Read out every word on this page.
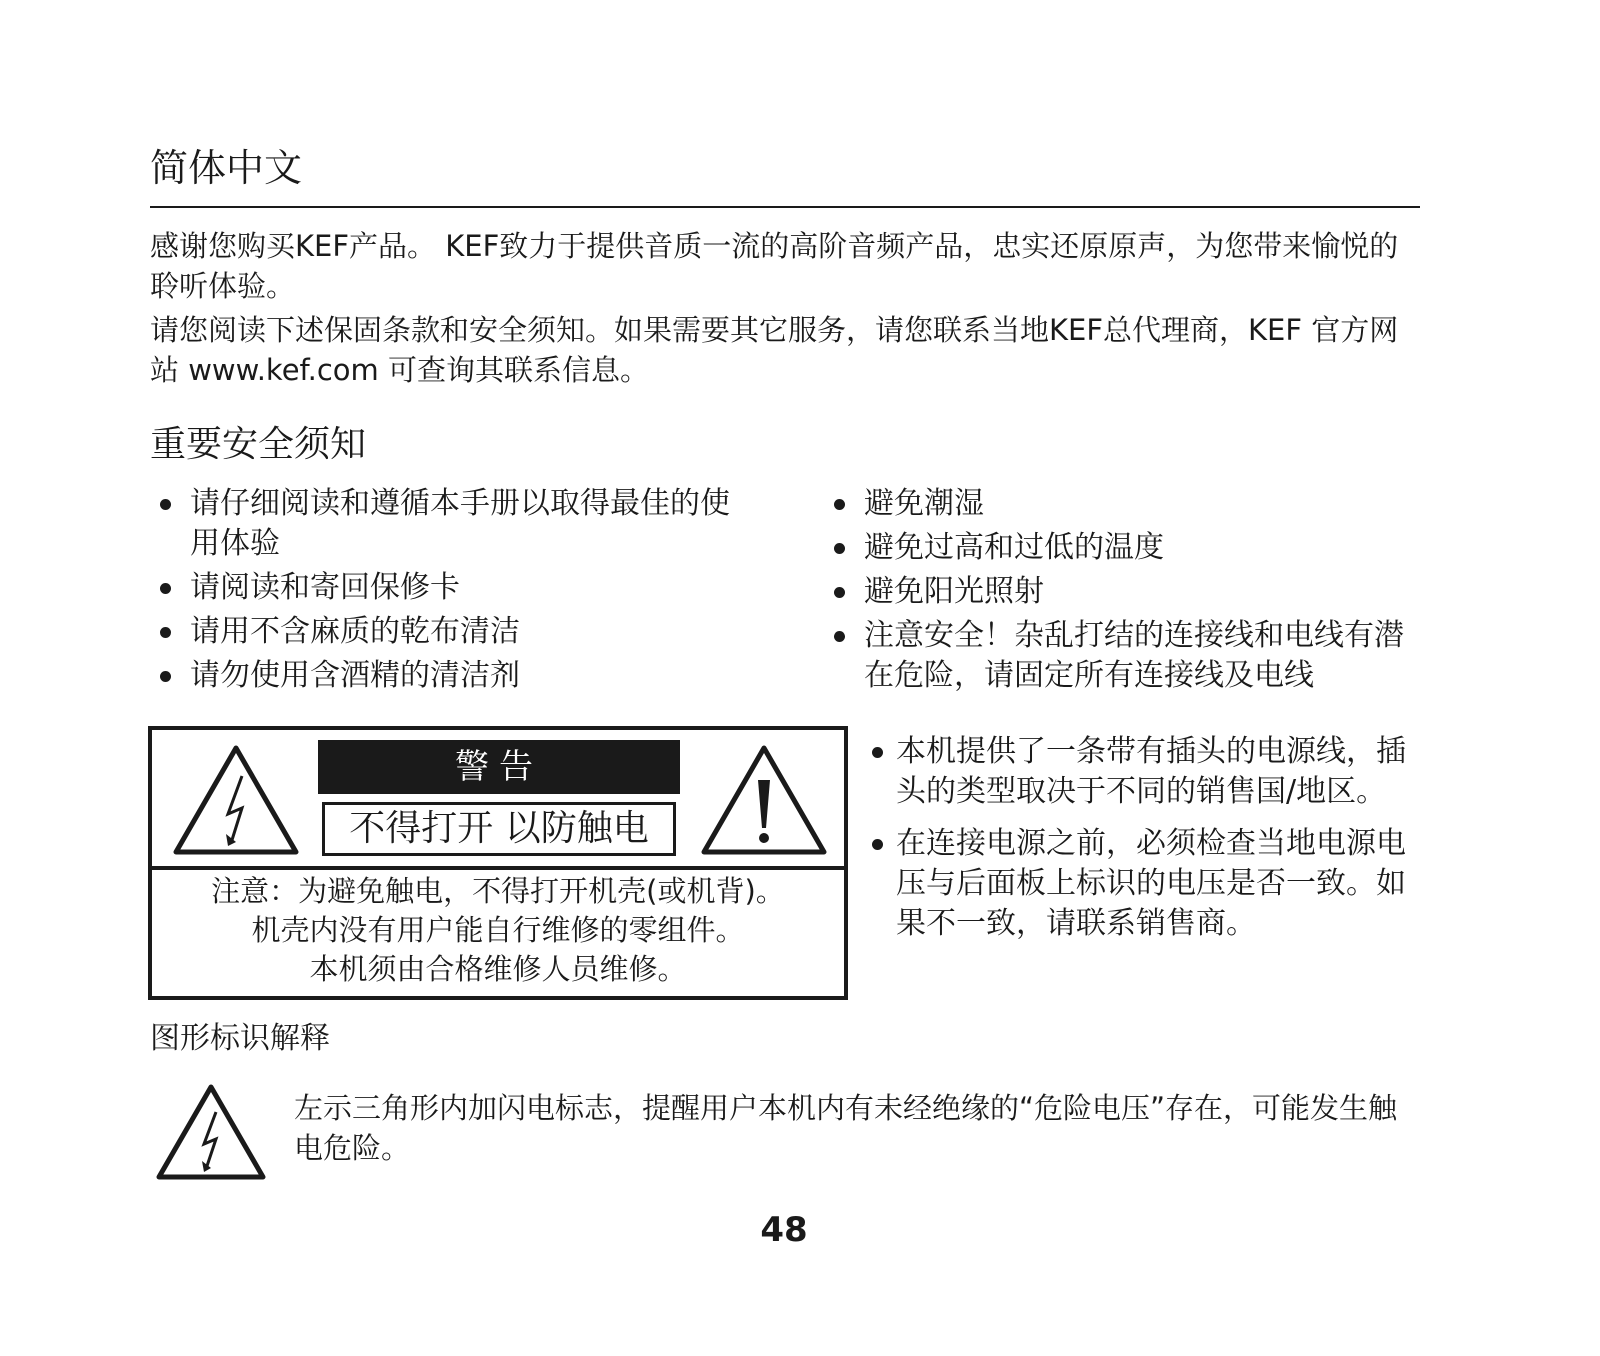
简体中文

感谢您购买KEF产品。 KEF致力于提供音质一流的高阶音频产品，忠实还原原声，为您带来愉悦的聆听体验。

请您阅读下述保固条款和安全须知。如果需要其它服务，请您联系当地KEF总代理商，KEF 官方网站 www.kef.com 可查询其联系信息。

重要安全须知
请仔细阅读和遵循本手册以取得最佳的使用体验
请阅读和寄回保修卡
请用不含麻质的乾布清洁
请勿使用含酒精的清洁剂
避免潮湿
避免过高和过低的温度
避免阳光照射
注意安全！杂乱打结的连接线和电线有潜在危险，请固定所有连接线及电线
警告
不得打开 以防触电
注意：为避免触电，不得打开机壳(或机背)。
机壳内没有用户能自行维修的零组件。
本机须由合格维修人员维修。
本机提供了一条带有插头的电源线，插头的类型取决于不同的销售国/地区。
在连接电源之前，必须检查当地电源电压与后面板上标识的电压是否一致。如果不一致，请联系销售商。
图形标识解释
左示三角形内加闪电标志，提醒用户本机内有未经绝缘的“危险电压”存在，可能发生触电危险。
48
